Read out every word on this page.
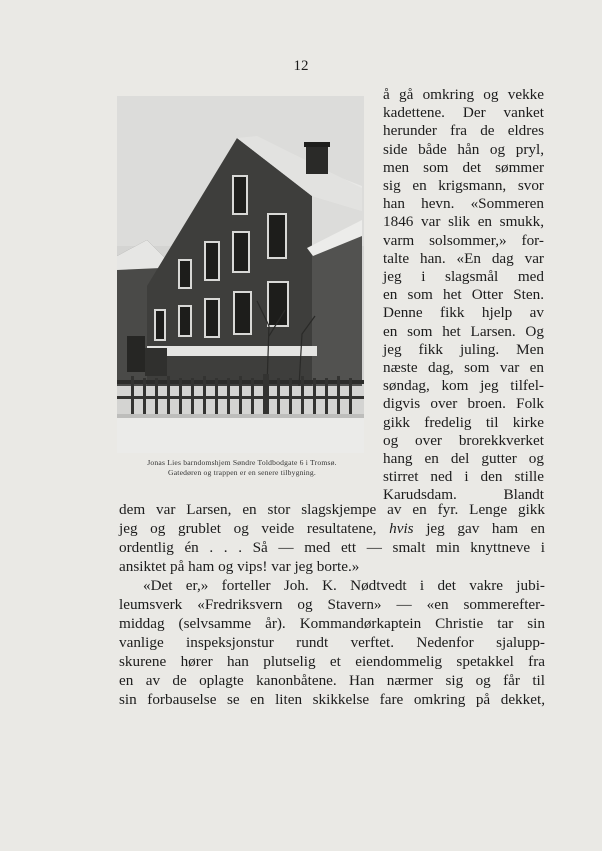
12
Jonas Lies barndomshjem Søndre Toldbodgate 6 i Tromsø.
Gatedøren og trappen er en senere tilbygning.
å gå omkring og vekke
kadettene. Der vanket
herunder fra de eldres
side både hån og pryl,
men som det sømmer
sig en krigsmann, svor
han hevn. «Sommeren
1846 var slik en smukk,
varm solsommer,» for-
talte han. «En dag var
jeg i slagsmål med
en som het Otter Sten.
Denne fikk hjelp av
en som het Larsen. Og
jeg fikk juling. Men
næste dag, som var en
søndag, kom jeg tilfel-
digvis over broen. Folk
gikk fredelig til kirke
og over brorekkverket
hang en del gutter og
stirret ned i den stille
Karudsdam. Blandt
dem var Larsen, en stor slagskjempe av en fyr. Lenge gikk
jeg og grublet og veide resultatene, hvis jeg gav ham en
ordentlig én . . . Så — med ett — smalt min knyttneve i
ansiktet på ham og vips! var jeg borte.»
«Det er,» forteller Joh. K. Nødtvedt i det vakre jubi-
leumsverk «Fredriksvern og Stavern» — «en sommerefter-
middag (selvsamme år). Kommandørkaptein Christie tar sin
vanlige inspeksjonstur rundt verftet. Nedenfor sjalupp-
skurene hører han plutselig et eiendommelig spetakkel fra
en av de oplagte kanonbåtene. Han nærmer sig og får til
sin forbauselse se en liten skikkelse fare omkring på dekket,
